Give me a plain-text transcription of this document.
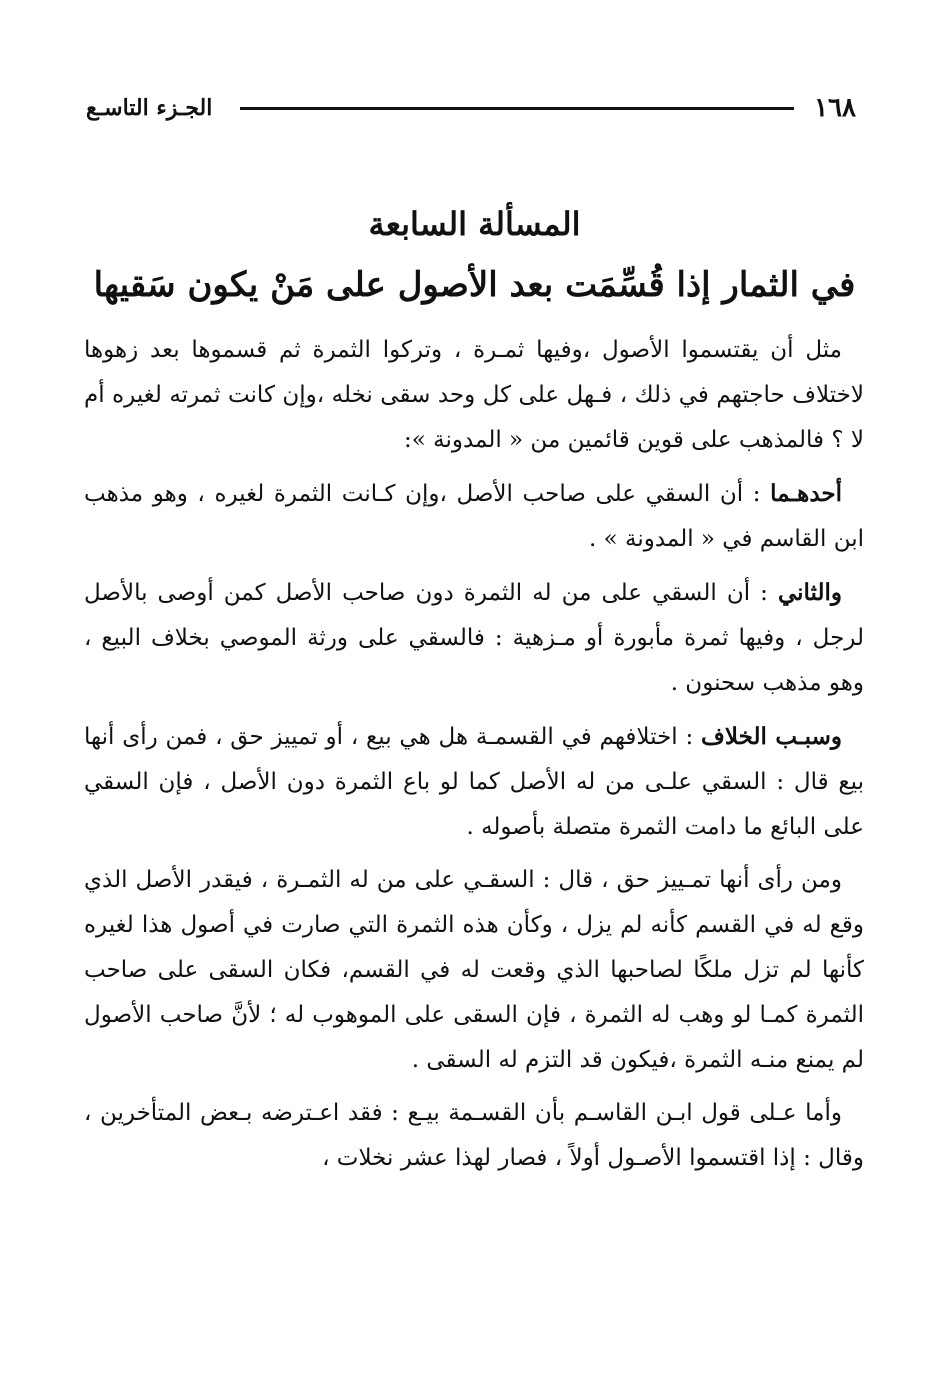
١٦٨
الجـزء التاسـع
المسألة السابعة
في الثمار إذا قُسِّمَت بعد الأصول على مَنْ يكون سَقيها

مثل أن يقتسموا الأصول ،وفيها ثمـرة ، وتركوا الثمرة ثم قسموها بعد زهوها لاختلاف حاجتهم في ذلك ، فـهل على كل وحد سقى نخله ،وإن كانت ثمرته لغيره أم لا ؟ فالمذهب على قوين قائمين من « المدونة »:

أحدهـما : أن السقي على صاحب الأصل ،وإن كـانت الثمرة لغيره ، وهو مذهب ابن القاسم في « المدونة » .

والثاني : أن السقي على من له الثمرة دون صاحب الأصل كمن أوصى بالأصل لرجل ، وفيها ثمرة مأبورة أو مـزهية : فالسقي على ورثة الموصي بخلاف البيع ، وهو مذهب سحنون .

وسبـب الخلاف : اختلافهم في القسمـة هل هي بيع ، أو تمييز حق ، فمن رأى أنها بيع قال : السقي علـى من له الأصل كما لو باع الثمرة دون الأصل ، فإن السقي على البائع ما دامت الثمرة متصلة بأصوله .

ومن رأى أنها تمـييز حق ، قال : السقـي على من له الثمـرة ، فيقدر الأصل الذي وقع له في القسم كأنه لم يزل ، وكأن هذه الثمرة التي صارت في أصول هذا لغيره كأنها لم تزل ملكًا لصاحبها الذي وقعت له في القسم، فكان السقى على صاحب الثمرة كمـا لو وهب له الثمرة ، فإن السقى على الموهوب له ؛ لأنَّ صاحب الأصول لم يمنع منـه الثمرة ،فيكون قد التزم له السقى .

وأما عـلى قول ابـن القاسـم بأن القسـمة بيـع : فقد اعـترضه بـعض المتأخرين ، وقال : إذا اقتسموا الأصـول أولاً ، فصار لهذا عشر نخلات ،
